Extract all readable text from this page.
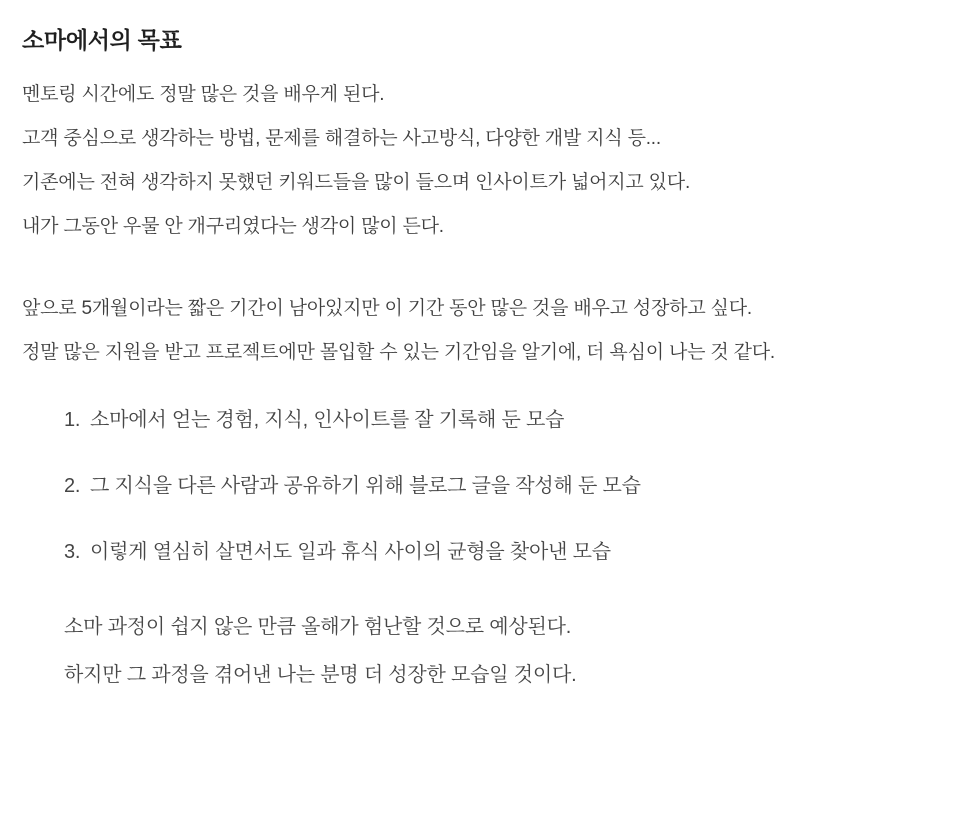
소마에서의 목표
멘토링 시간에도 정말 많은 것을 배우게 된다.
고객 중심으로 생각하는 방법, 문제를 해결하는 사고방식, 다양한 개발 지식 등...
기존에는 전혀 생각하지 못했던 키워드들을 많이 들으며 인사이트가 넓어지고 있다.
내가 그동안 우물 안 개구리였다는 생각이 많이 든다.
앞으로 5개월이라는 짧은 기간이 남아있지만 이 기간 동안 많은 것을 배우고 성장하고 싶다.
정말 많은 지원을 받고 프로젝트에만 몰입할 수 있는 기간임을 알기에, 더 욕심이 나는 것 같다.
1. 소마에서 얻는 경험, 지식, 인사이트를 잘 기록해 둔 모습
2. 그 지식을 다른 사람과 공유하기 위해 블로그 글을 작성해 둔 모습
3. 이렇게 열심히 살면서도 일과 휴식 사이의 균형을 찾아낸 모습
소마 과정이 쉽지 않은 만큼 올해가 험난할 것으로 예상된다.
하지만 그 과정을 겪어낸 나는 분명 더 성장한 모습일 것이다.
